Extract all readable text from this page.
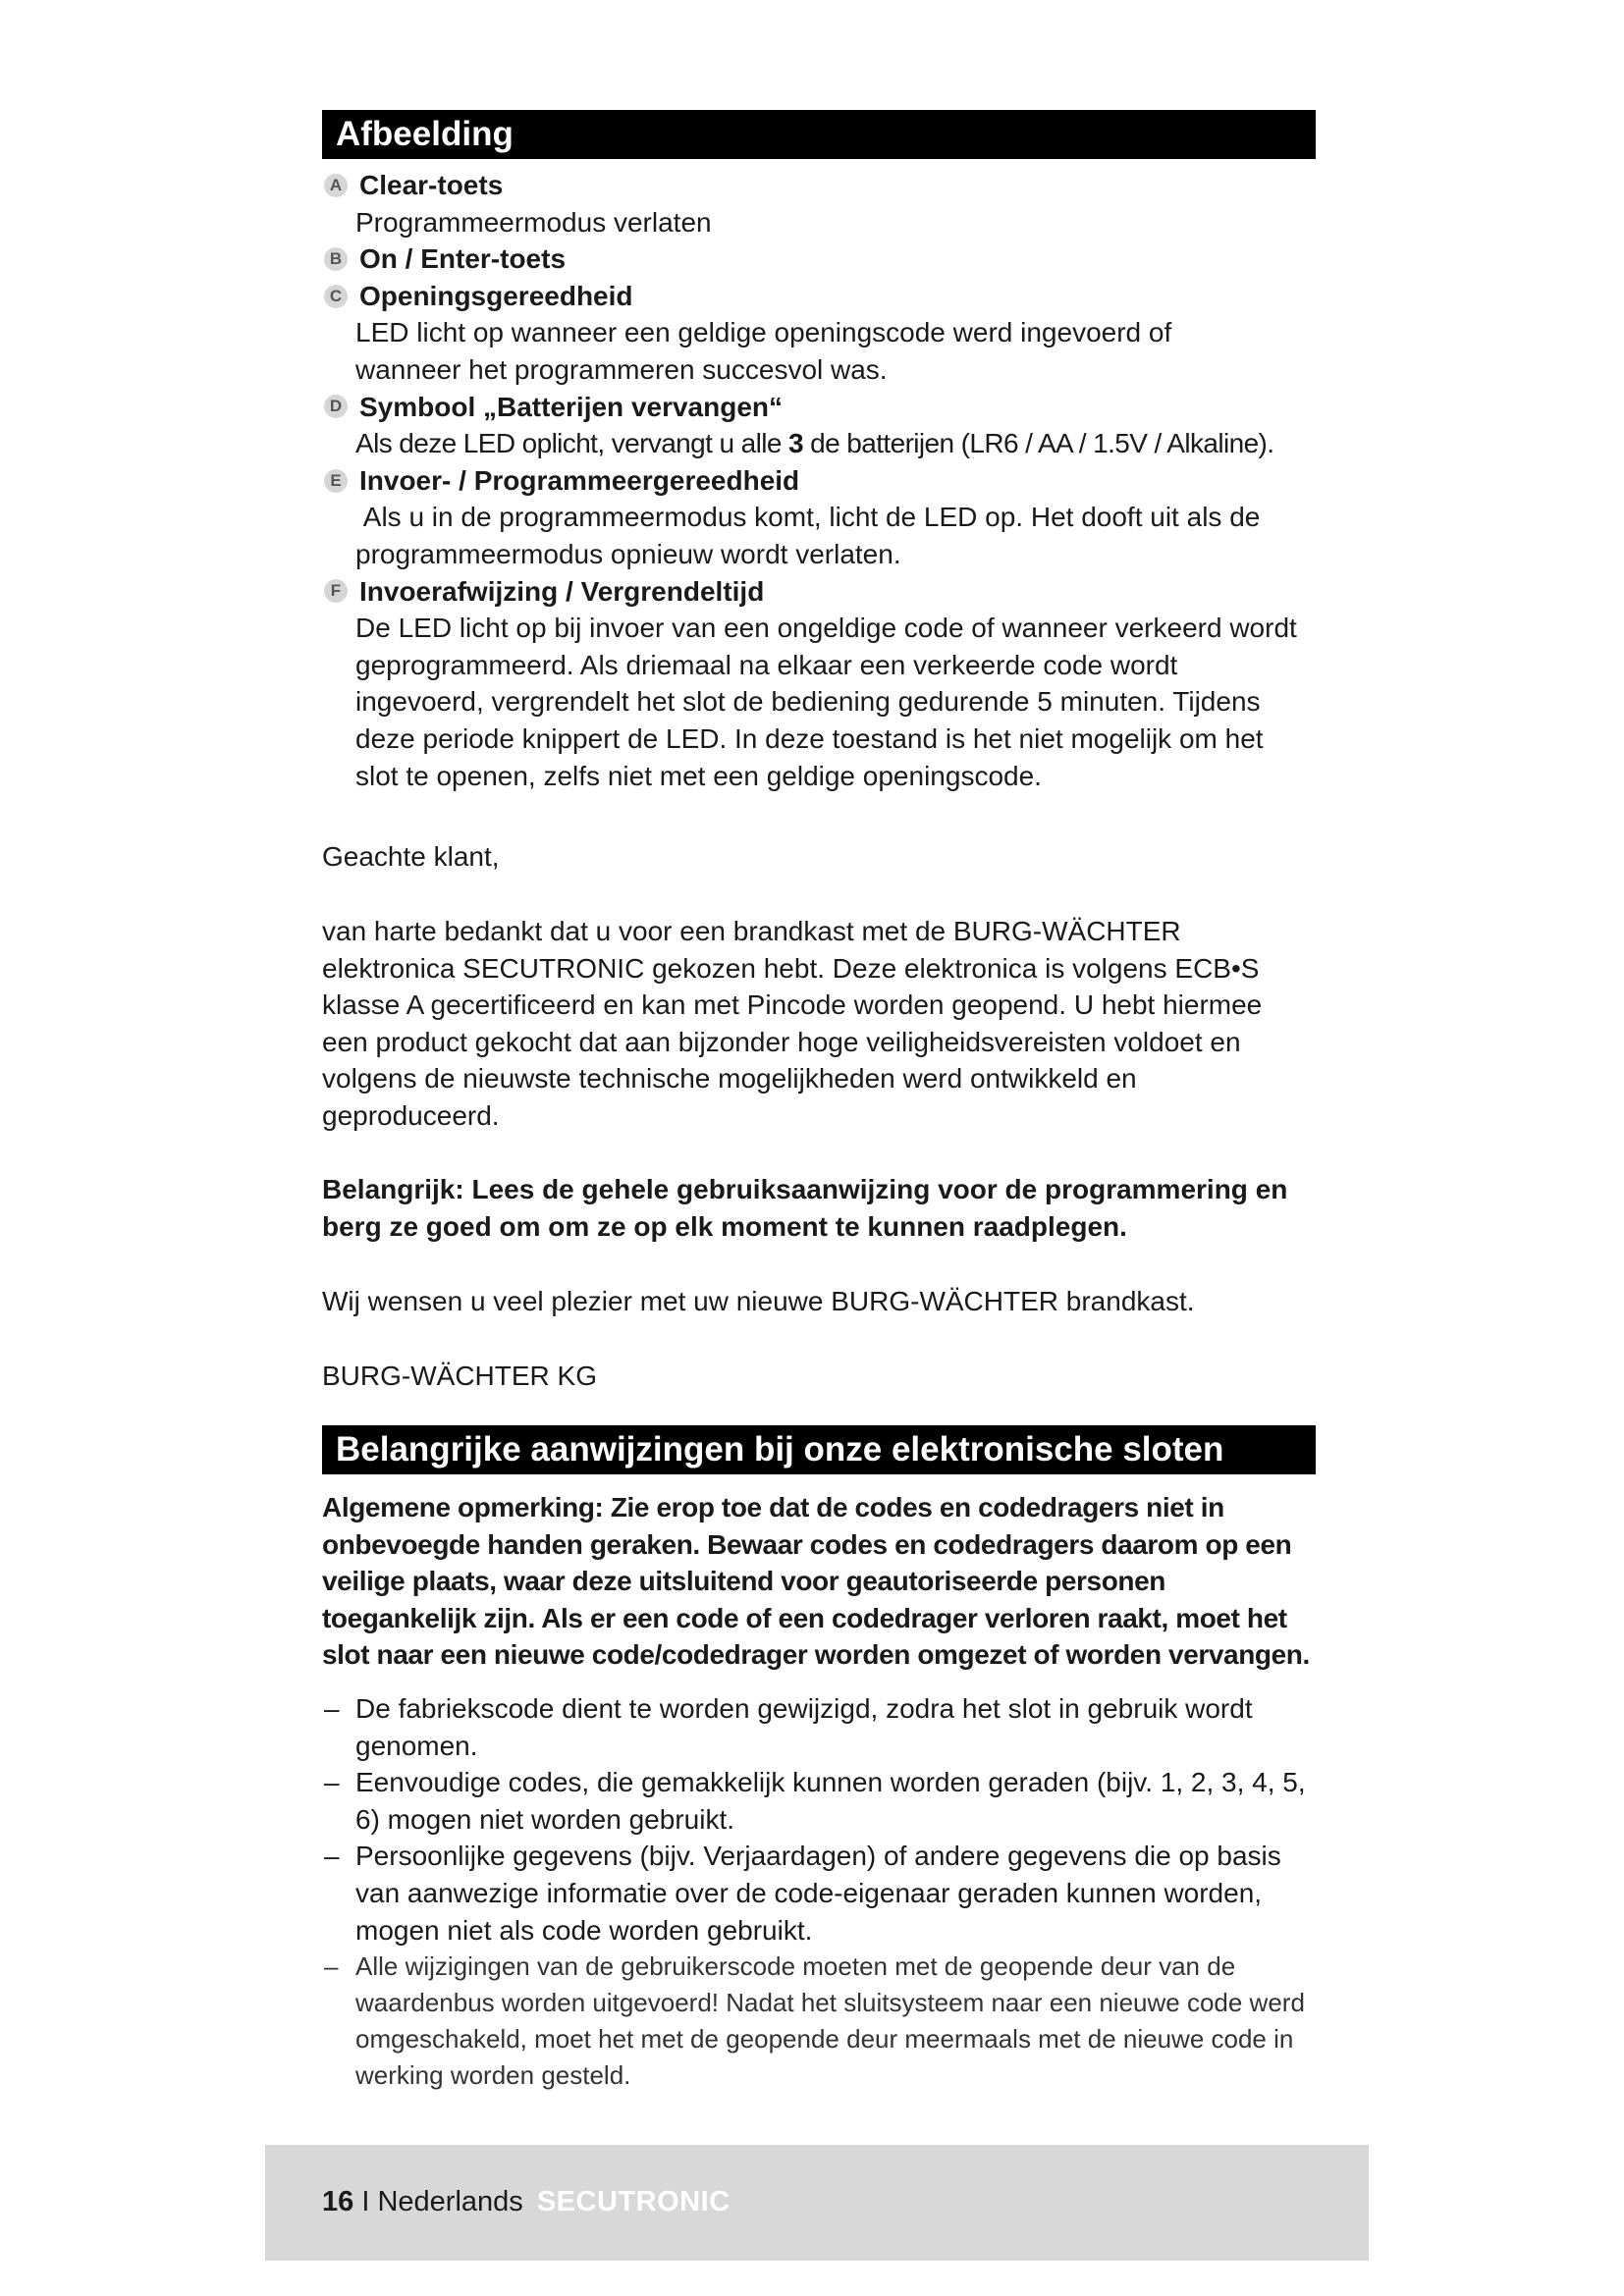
Afbeelding
A Clear-toets
Programmeermodus verlaten
B On / Enter-toets
C Openingsgereedheid
LED licht op wanneer een geldige openingscode werd ingevoerd of wanneer het programmeren succesvol was.
D Symbool „Batterijen vervangen“
Als deze LED oplicht, vervangt u alle 3 de batterijen (LR6 / AA / 1.5V / Alkaline).
E Invoer- / Programmeergereedheid
Als u in de programmeermodus komt, licht de LED op. Het dooft uit als de programmeermodus opnieuw wordt verlaten.
F Invoerafwijzing / Vergrendeltijd
De LED licht op bij invoer van een ongeldige code of wanneer verkeerd wordt geprogrammeerd. Als driemaal na elkaar een verkeerde code wordt ingevoerd, vergrendelt het slot de bediening gedurende 5 minuten. Tijdens deze periode knippert de LED. In deze toestand is het niet mogelijk om het slot te openen, zelfs niet met een geldige openingscode.
Geachte klant,
van harte bedankt dat u voor een brandkast met de BURG-WÄCHTER elektronica SECUTRONIC gekozen hebt. Deze elektronica is volgens ECB•S klasse A gecertificeerd en kan met Pincode worden geopend. U hebt hiermee een product gekocht dat aan bijzonder hoge veiligheidsvereisten voldoet en volgens de nieuwste technische mogelijkheden werd ontwikkeld en geproduceerd.
Belangrijk: Lees de gehele gebruiksaanwijzing voor de programmering en berg ze goed om om ze op elk moment te kunnen raadplegen.
Wij wensen u veel plezier met uw nieuwe BURG-WÄCHTER brandkast.
BURG-WÄCHTER KG
Belangrijke aanwijzingen bij onze elektronische sloten
Algemene opmerking: Zie erop toe dat de codes en codedragers niet in onbevoegde handen geraken. Bewaar codes en codedragers daarom op een veilige plaats, waar deze uitsluitend voor geautoriseerde personen toegankelijk zijn. Als er een code of een codedrager verloren raakt, moet het slot naar een nieuwe code/codedrager worden omgezet of worden vervangen.
– De fabriekscode dient te worden gewijzigd, zodra het slot in gebruik wordt genomen.
– Eenvoudige codes, die gemakkelijk kunnen worden geraden (bijv. 1, 2, 3, 4, 5, 6) mogen niet worden gebruikt.
– Persoonlijke gegevens (bijv. Verjaardagen) of andere gegevens die op basis van aanwezige informatie over de code-eigenaar geraden kunnen worden, mogen niet als code worden gebruikt.
– Alle wijzigingen van de gebruikerscode moeten met de geopende deur van de waardenbus worden uitgevoerd! Nadat het sluitsysteem naar een nieuwe code werd omgeschakeld, moet het met de geopende deur meermaals met de nieuwe code in werking worden gesteld.
16 I Nederlands SECUTRONIC
